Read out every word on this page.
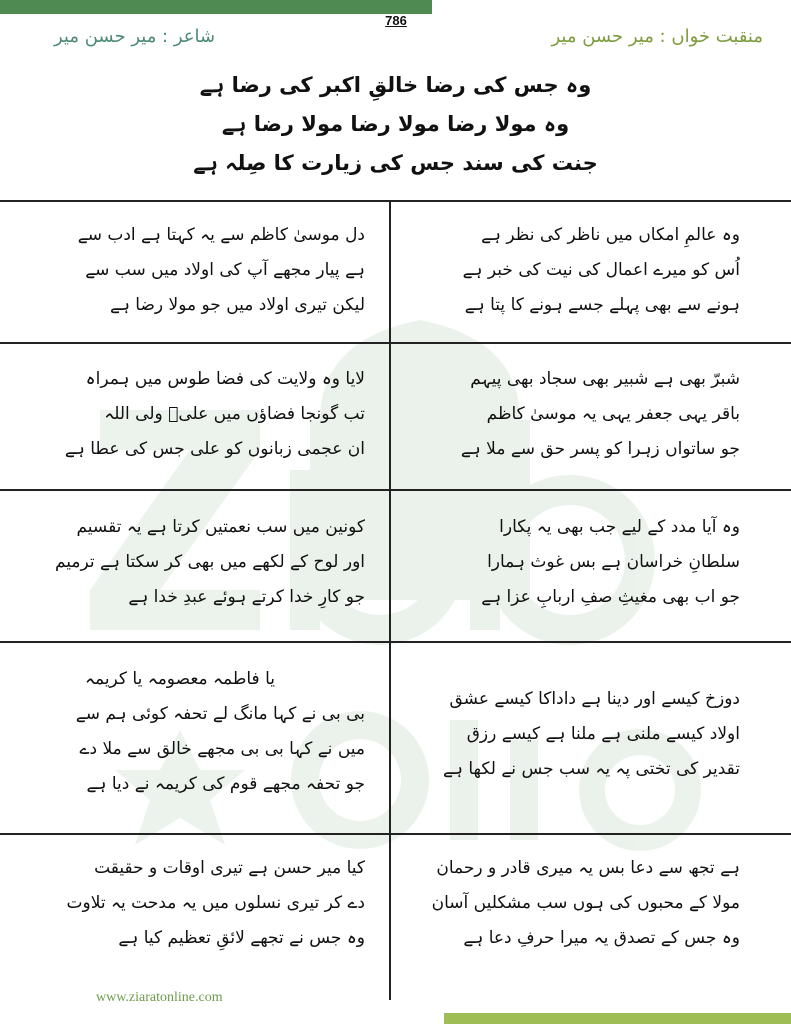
786
شاعر : میر حسن میر	منقبت خواں : میر حسن میر
وہ جس کی رضا خالقِ اکبر کی رضا ہے
وہ مولا رضا مولا رضا مولا رضا ہے
جنت کی سند جس کی زیارت کا صِلہ ہے
وہ عالمِ امکاں میں ناظر کی نظر ہے
اُس کو میرے اعمال کی نیت کی خبر ہے
ہونے سے بھی پہلے جسے ہونے کا پتا ہے
دل موسیٰ کاظم سے یہ کہتا ہے ادب سے
ہے پیار مجھے آپ کی اولاد میں سب سے
لیکن تیری اولاد میں جو مولا رضا ہے
شبرّ بھی ہے شبیر بھی سجاد بھی پیہم
باقر یہی جعفر یہی یہ موسیٰ کاظم
جو ساتواں زہرا کو پسر حق سے ملا ہے
لایا وہ ولایت کی فضا طوس میں ہمراہ
تب گونجا فضاؤں میں علیؑ ولی اللہ
ان عجمی زبانوں کو علی جس کی عطا ہے
وہ آیا مدد کے لیے جب بھی یہ پکارا
سلطانِ خراسان ہے بس غوث ہمارا
جو اب بھی مغیثِ صفِ اربابِ عزا ہے
کونین میں سب نعمتیں کرتا ہے یہ تقسیم
اور لوح کے لکھے میں بھی کر سکتا ہے ترمیم
جو کارِ خدا کرتے ہوئے عبدِ خدا ہے
دوزخ کیسے اور دینا ہے داداکا کیسے عشق
اولاد کیسے ملنی ہے ملنا ہے کیسے رزق
تقدیر کی تختی پہ یہ سب جس نے لکھا ہے
یا فاطمہ معصومہ یا کریمہ
بی بی نے کہا مانگ لے تحفہ کوئی ہم سے
میں نے کہا بی بی مجھے خالق سے ملا دے
جو تحفہ مجھے قوم کی کریمہ نے دیا ہے
ہے تجھ سے دعا بس یہ میری قادر و رحمان
مولا کے محبوں کی ہوں سب مشکلیں آسان
وہ جس کے تصدق یہ میرا حرفِ دعا ہے
کیا میر حسن ہے تیری اوقات و حقیقت
دے کر تیری نسلوں میں یہ مدحت یہ تلاوت
وہ جس نے تجھے لائقِ تعظیم کیا ہے
www.ziaratonline.com
